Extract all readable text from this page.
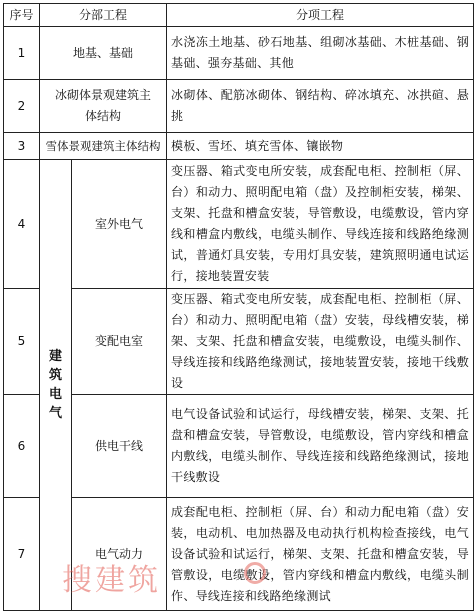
序号	分部工程		分项工程
1	地基、基础		水浇冻土地基、砂石地基、组砌冰基础、木桩基础、钢基础、强夯基础、其他
2	冰砌体景观建筑主体结构		冰砌体、配筋冰砌体、钢结构、碎冰填充、冰拱碹、悬挑
3	雪体景观建筑主体结构		模板、雪坯、填充雪体、镶嵌物
4	建筑电气	室外电气	变压器、箱式变电所安装，成套配电柜、控制柜（屏、台）和动力、照明配电箱（盘）及控制柜安装，梯架、支架、托盘和槽盒安装，导管敷设，电缆敷设，管内穿线和槽盒内敷线，电缆头制作、导线连接和线路绝缘测试，普通灯具安装，专用灯具安装，建筑照明通电试运行，接地装置安装
5		变配电室	变压器、箱式变电所安装，成套配电柜、控制柜（屏、台）和动力、照明配电箱（盘）安装，母线槽安装，梯架、支架、托盘和槽盒安装，电缆敷设，电缆头制作、导线连接和线路绝缘测试，接地装置安装，接地干线敷设
6		供电干线	电气设备试验和试运行，母线槽安装，梯架、支架、托盘和槽盒安装，导管敷设，电缆敷设，管内穿线和槽盒内敷线，电缆头制作、导线连接和线路绝缘测试，接地干线敷设
7		电气动力	成套配电柜、控制柜（屏、台）和动力配电箱（盘）安装，电动机、电加热器及电动执行机构检查接线，电气设备试验和试运行，梯架、支架、托盘和槽盒安装，导管敷设，电缆敷设，管内穿线和槽盒内敷线，电缆头制作、导线连接和线路绝缘测试
搜建筑
